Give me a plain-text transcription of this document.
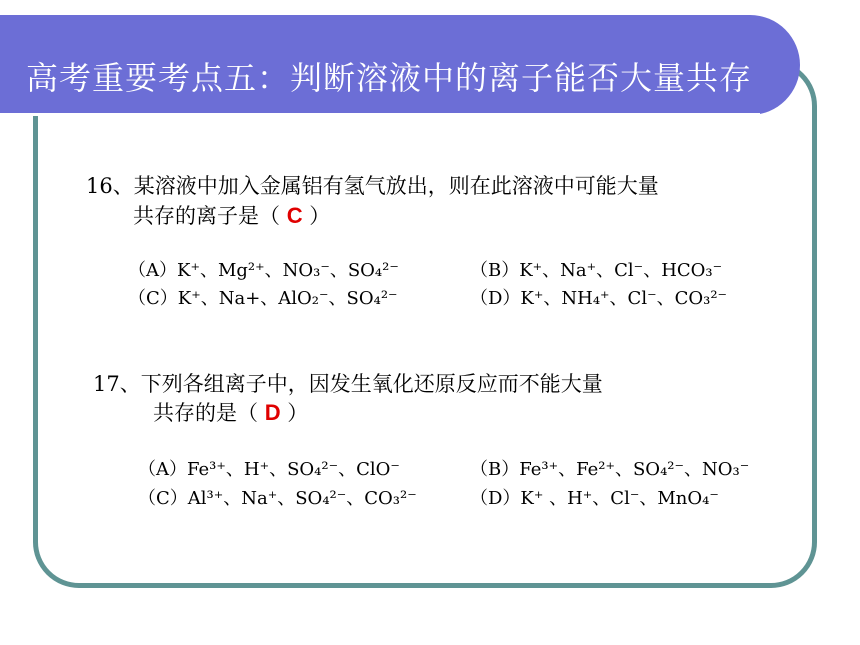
高考重要考点五：判断溶液中的离子能否大量共存
16、某溶液中加入金属铝有氢气放出，则在此溶液中可能大量
共存的离子是（ C ）
（A）K⁺、Mg²⁺、NO₃⁻、SO₄²⁻	（B）K⁺、Na⁺、Cl⁻、HCO₃⁻
（C）K⁺、Na+、AlO₂⁻、SO₄²⁻	（D）K⁺、NH₄⁺、Cl⁻、CO₃²⁻
17、下列各组离子中，因发生氧化还原反应而不能大量
共存的是（ D ）
（A）Fe³⁺、H⁺、SO₄²⁻、ClO⁻	（B）Fe³⁺、Fe²⁺、SO₄²⁻、NO₃⁻
（C）Al³⁺、Na⁺、SO₄²⁻、CO₃²⁻	（D）K⁺ 、H⁺、Cl⁻、MnO₄⁻
